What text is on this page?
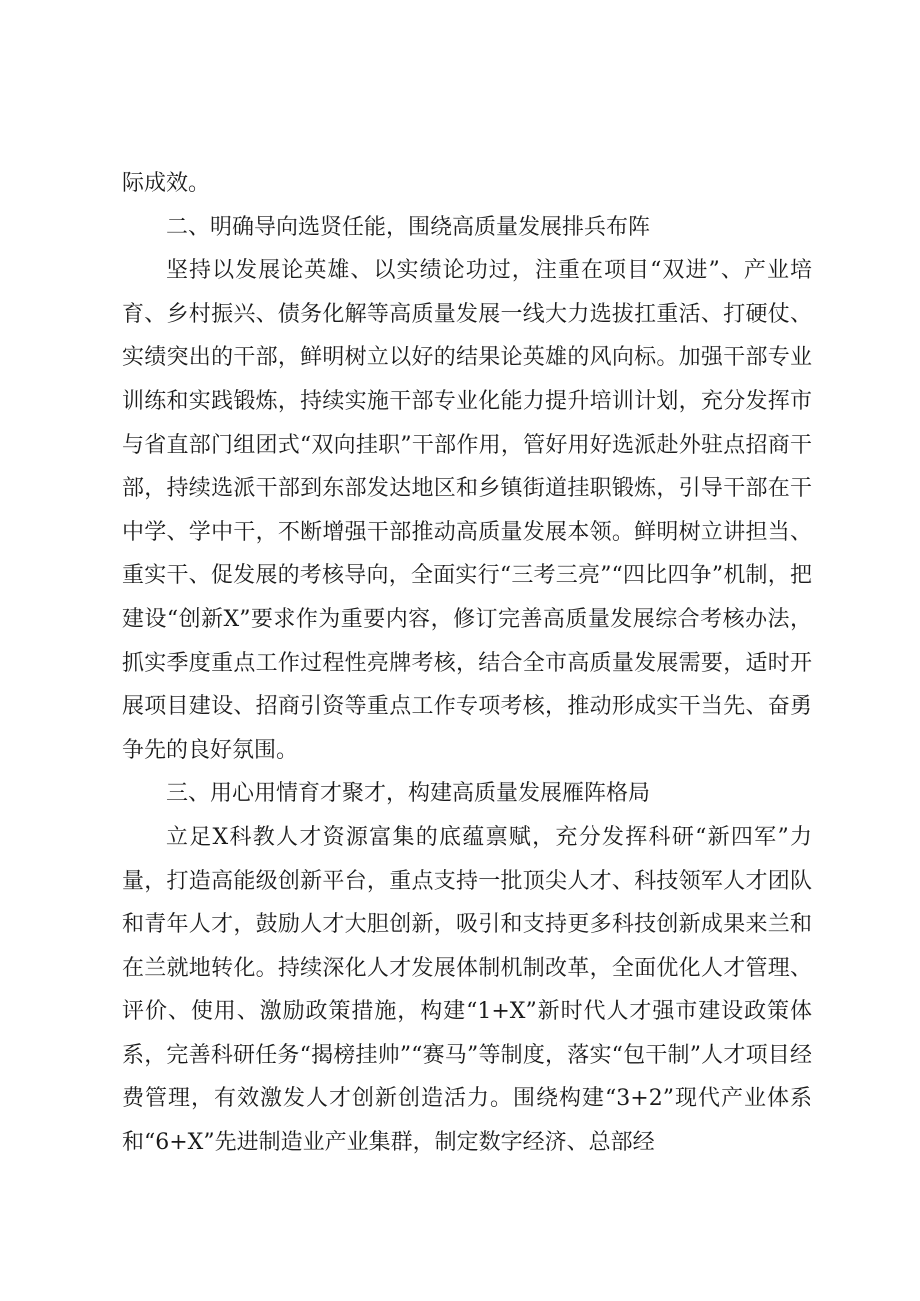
际成效。

二、明确导向选贤任能，围绕高质量发展排兵布阵

坚持以发展论英雄、以实绩论功过，注重在项目“双进”、产业培育、乡村振兴、债务化解等高质量发展一线大力选拔扛重活、打硬仗、实绩突出的干部，鲜明树立以好的结果论英雄的风向标。加强干部专业训练和实践锻炼，持续实施干部专业化能力提升培训计划，充分发挥市与省直部门组团式“双向挂职”干部作用，管好用好选派赴外驻点招商干部，持续选派干部到东部发达地区和乡镇街道挂职锻炼，引导干部在干中学、学中干，不断增强干部推动高质量发展本领。鲜明树立讲担当、重实干、促发展的考核导向，全面实行“三考三亮”“四比四争”机制，把建设“创新X”要求作为重要内容，修订完善高质量发展综合考核办法，抓实季度重点工作过程性亮牌考核，结合全市高质量发展需要，适时开展项目建设、招商引资等重点工作专项考核，推动形成实干当先、奋勇争先的良好氛围。

三、用心用情育才聚才，构建高质量发展雁阵格局

立足X科教人才资源富集的底蕴禀赋，充分发挥科研“新四军”力量，打造高能级创新平台，重点支持一批顶尖人才、科技领军人才团队和青年人才，鼓励人才大胆创新，吸引和支持更多科技创新成果来兰和在兰就地转化。持续深化人才发展体制机制改革，全面优化人才管理、评价、使用、激励政策措施，构建“1+X”新时代人才强市建设政策体系，完善科研任务“揭榜挂帅”“赛马”等制度，落实“包干制”人才项目经费管理，有效激发人才创新创造活力。围绕构建“3+2”现代产业体系和“6+X”先进制造业产业集群，制定数字经济、总部经
